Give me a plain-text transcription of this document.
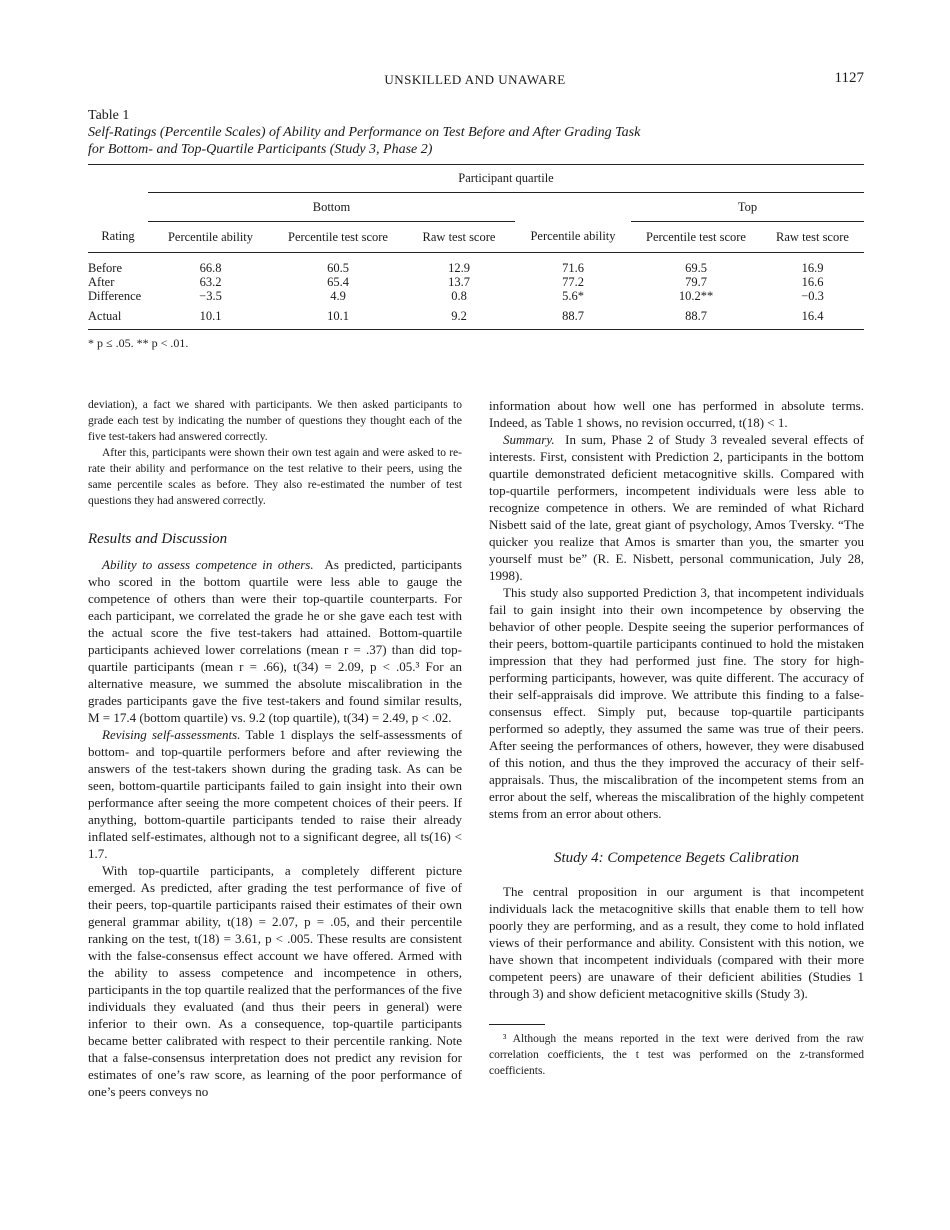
UNSKILLED AND UNAWARE	1127
Table 1
Self-Ratings (Percentile Scales) of Ability and Performance on Test Before and After Grading Task
for Bottom- and Top-Quartile Participants (Study 3, Phase 2)
	Participant quartile					
	Bottom				Top	
Rating	Percentile ability	Percentile test score	Raw test score	Percentile ability	Percentile test score	Raw test score

Before	66.8	60.5	12.9	71.6	69.5	16.9
After	63.2	65.4	13.7	77.2	79.7	16.6
Difference	−3.5	4.9	0.8	5.6*	10.2**	−0.3
Actual	10.1	10.1	9.2	88.7	88.7	16.4
* p ≤ .05. ** p < .01.

deviation), a fact we shared with participants. We then asked participants to grade each test by indicating the number of questions they thought each of the five test-takers had answered correctly.

After this, participants were shown their own test again and were asked to re-rate their ability and performance on the test relative to their peers, using the same percentile scales as before. They also re-estimated the number of test questions they had answered correctly.

Results and Discussion

Ability to assess competence in others. As predicted, participants who scored in the bottom quartile were less able to gauge the competence of others than were their top-quartile counterparts. For each participant, we correlated the grade he or she gave each test with the actual score the five test-takers had attained. Bottom-quartile participants achieved lower correlations (mean r = .37) than did top-quartile participants (mean r = .66), t(34) = 2.09, p < .05.³ For an alternative measure, we summed the absolute miscalibration in the grades participants gave the five test-takers and found similar results, M = 17.4 (bottom quartile) vs. 9.2 (top quartile), t(34) = 2.49, p < .02.

Revising self-assessments. Table 1 displays the self-assessments of bottom- and top-quartile performers before and after reviewing the answers of the test-takers shown during the grading task. As can be seen, bottom-quartile participants failed to gain insight into their own performance after seeing the more competent choices of their peers. If anything, bottom-quartile participants tended to raise their already inflated self-estimates, although not to a significant degree, all ts(16) < 1.7.

With top-quartile participants, a completely different picture emerged. As predicted, after grading the test performance of five of their peers, top-quartile participants raised their estimates of their own general grammar ability, t(18) = 2.07, p = .05, and their percentile ranking on the test, t(18) = 3.61, p < .005. These results are consistent with the false-consensus effect account we have offered. Armed with the ability to assess competence and incompetence in others, participants in the top quartile realized that the performances of the five individuals they evaluated (and thus their peers in general) were inferior to their own. As a consequence, top-quartile participants became better calibrated with respect to their percentile ranking. Note that a false-consensus interpretation does not predict any revision for estimates of one’s raw score, as learning of the poor performance of one’s peers conveys no

information about how well one has performed in absolute terms. Indeed, as Table 1 shows, no revision occurred, t(18) < 1.

Summary. In sum, Phase 2 of Study 3 revealed several effects of interests. First, consistent with Prediction 2, participants in the bottom quartile demonstrated deficient metacognitive skills. Compared with top-quartile performers, incompetent individuals were less able to recognize competence in others. We are reminded of what Richard Nisbett said of the late, great giant of psychology, Amos Tversky. “The quicker you realize that Amos is smarter than you, the smarter you yourself must be” (R. E. Nisbett, personal communication, July 28, 1998).

This study also supported Prediction 3, that incompetent individuals fail to gain insight into their own incompetence by observing the behavior of other people. Despite seeing the superior performances of their peers, bottom-quartile participants continued to hold the mistaken impression that they had performed just fine. The story for high-performing participants, however, was quite different. The accuracy of their self-appraisals did improve. We attribute this finding to a false-consensus effect. Simply put, because top-quartile participants performed so adeptly, they assumed the same was true of their peers. After seeing the performances of others, however, they were disabused of this notion, and thus the they improved the accuracy of their self-appraisals. Thus, the miscalibration of the incompetent stems from an error about the self, whereas the miscalibration of the highly competent stems from an error about others.

Study 4: Competence Begets Calibration

The central proposition in our argument is that incompetent individuals lack the metacognitive skills that enable them to tell how poorly they are performing, and as a result, they come to hold inflated views of their performance and ability. Consistent with this notion, we have shown that incompetent individuals (compared with their more competent peers) are unaware of their deficient abilities (Studies 1 through 3) and show deficient metacognitive skills (Study 3).

³ Although the means reported in the text were derived from the raw correlation coefficients, the t test was performed on the z-transformed coefficients.
